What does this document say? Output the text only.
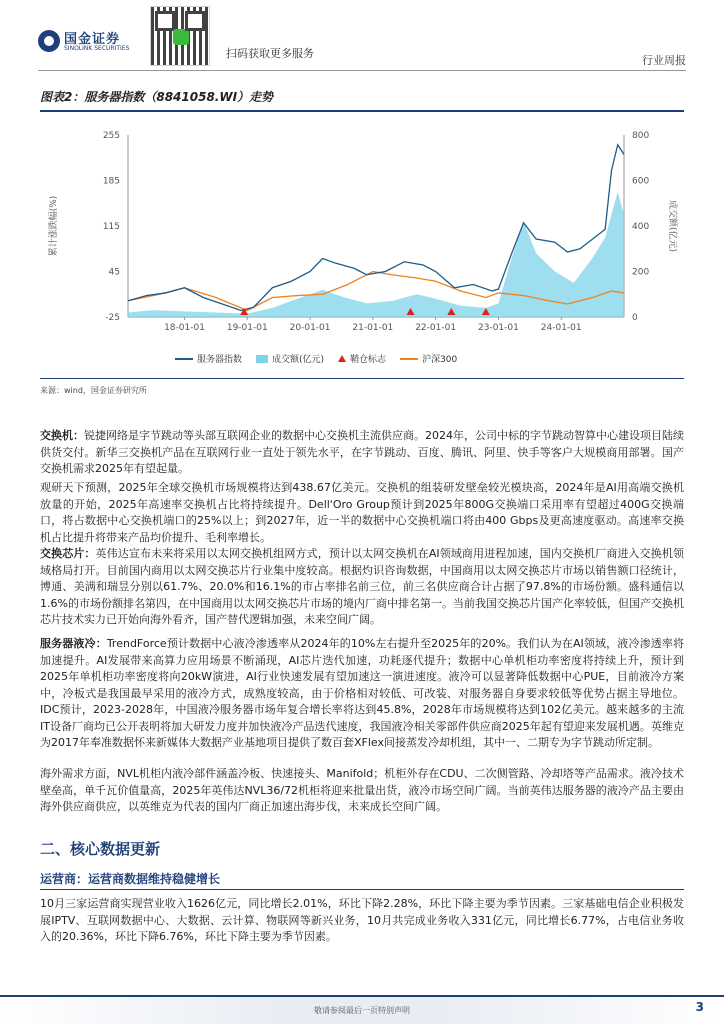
国金证券
SINOLINK SECURITIES	扫码获取更多服务
行业周报
图表2：服务器指数（8841058.WI）走势
255
185
115
45
-25
800
600
400
200
0
18-01-01 19-01-01 20-01-01 21-01-01 22-01-01 23-01-01 24-01-01
累计涨跌幅(%)	成交额(亿元)
服务器指数	成交额(亿元)	鞘仓标志	沪深300
来源：wind，国金证券研究所
交换机：锐捷网络是字节跳动等头部互联网企业的数据中心交换机主流供应商。2024年，公司中标的字节跳动智算中心建设项目陆续供货交付。新华三交换机产品在互联网行业一直处于领先水平，在字节跳动、百度、腾讯、阿里、快手等客户大规模商用部署。国产交换机需求2025年有望起量。
观研天下预测，2025年全球交换机市场规模将达到438.67亿美元。交换机的组装研发壁垒较光模块高，2024年是AI用高端交换机放量的开始，2025年高速率交换机占比将持续提升。Dell'Oro Group预计到2025年800G交换端口采用率有望超过400G交换端口，将占数据中心交换机端口的25%以上；到2027年，近一半的数据中心交换机端口将由400 Gbps及更高速度驱动。高速率交换机占比提升将带来产品均价提升、毛利率增长。
交换芯片：英伟达宣布未来将采用以太网交换机组网方式，预计以太网交换机在AI领域商用进程加速，国内交换机厂商进入交换机领域格局打开。目前国内商用以太网交换芯片行业集中度较高。根据灼识咨询数据，中国商用以太网交换芯片市场以销售额口径统计，博通、美满和瑞昱分别以61.7%、20.0%和16.1%的市占率排名前三位，前三名供应商合计占据了97.8%的市场份额。盛科通信以1.6%的市场份额排名第四，在中国商用以太网交换芯片市场的境内厂商中排名第一。当前我国交换芯片国产化率较低，但国产交换机芯片技术实力已开始向海外看齐，国产替代逻辑加强，未来空间广阔。
服务器液冷：TrendForce预计数据中心液冷渗透率从2024年的10%左右提升至2025年的20%。我们认为在AI领域，液冷渗透率将加速提升。AI发展带来高算力应用场景不断涌现，AI芯片迭代加速，功耗逐代提升；数据中心单机柜功率密度将持续上升，预计到2025年单机柜功率密度将向20kW演进，AI行业快速发展有望加速这一演进速度。液冷可以显著降低数据中心PUE，目前液冷方案中，冷板式是我国最早采用的液冷方式，成熟度较高，由于价格相对较低、可改装、对服务器自身要求较低等优势占据主导地位。IDC预计，2023-2028年，中国液冷服务器市场年复合增长率将达到45.8%，2028年市场规模将达到102亿美元。越来越多的主流IT设备厂商均已公开表明将加大研发力度并加快液冷产品迭代速度，我国液冷相关零部件供应商2025年起有望迎来发展机遇。英维克为2017年奉准数据怀来新媒体大数据产业基地项目提供了数百套XFlex间接蒸发冷却机组，其中一、二期专为字节跳动所定制。
海外需求方面，NVL机柜内液冷部件涵盖冷板、快速接头、Manifold；机柜外存在CDU、二次侧管路、冷却塔等产品需求。液冷技术壁垒高，单千瓦价值量高，2025年英伟达NVL36/72机柜将迎来批量出货，液冷市场空间广阔。当前英伟达服务器的液冷产品主要由海外供应商供应，以英维克为代表的国内厂商正加速出海步伐，未来成长空间广阔。
二、核心数据更新
运营商：运营商数据维持稳健增长
10月三家运营商实现营业收入1626亿元，同比增长2.01%，环比下降2.28%，环比下降主要为季节因素。三家基础电信企业积极发展IPTV、互联网数据中心、大数据、云计算、物联网等新兴业务，10月共完成业务收入331亿元，同比增长6.77%，占电信业务收入的20.36%，环比下降6.76%，环比下降主要为季节因素。
敬请参阅最后一页特别声明	3
